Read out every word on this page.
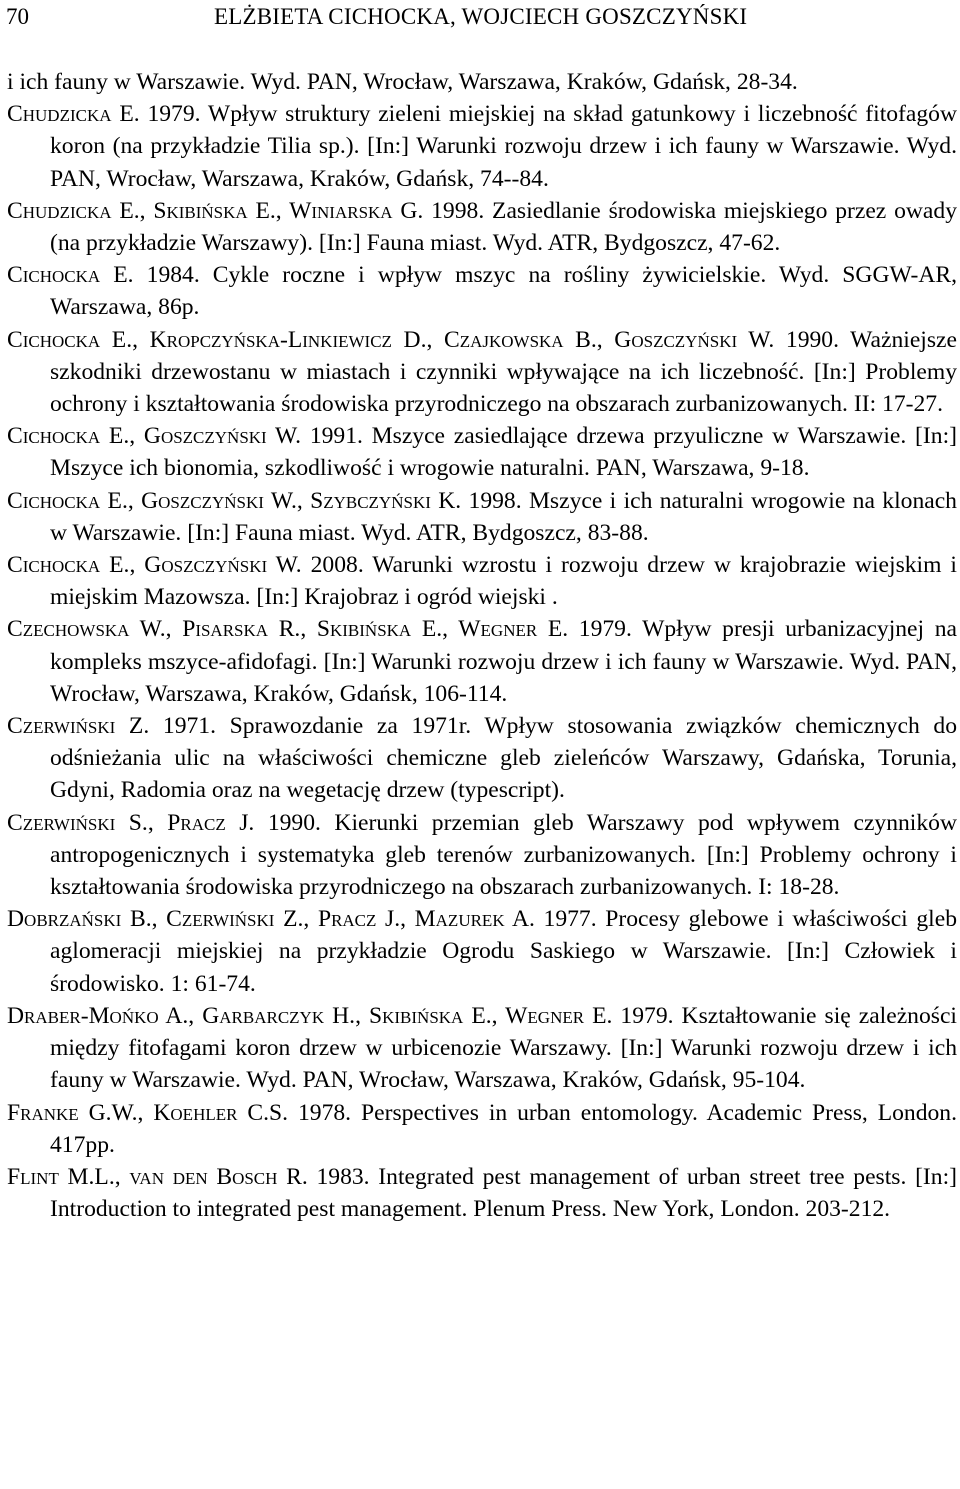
70	ELŻBIETA CICHOCKA, WOJCIECH GOSZCZYŃSKI

i ich fauny w Warszawie. Wyd. PAN, Wrocław, Warszawa, Kraków, Gdańsk, 28-34.

Chudzicka E. 1979. Wpływ struktury zieleni miejskiej na skład gatunkowy i liczebność fitofagów koron (na przykładzie Tilia sp.). [In:] Warunki rozwoju drzew i ich fauny w Warszawie. Wyd. PAN, Wrocław, Warszawa, Kraków, Gdańsk, 74--84.

Chudzicka E., Skibińska E., Winiarska G. 1998. Zasiedlanie środowiska miejskiego przez owady (na przykładzie Warszawy). [In:] Fauna miast. Wyd. ATR, Bydgoszcz, 47-62.

Cichocka E. 1984. Cykle roczne i wpływ mszyc na rośliny żywicielskie. Wyd. SGGW-AR, Warszawa, 86p.

Cichocka E., Kropczyńska-Linkiewicz D., Czajkowska B., Goszczyński W. 1990. Ważniejsze szkodniki drzewostanu w miastach i czynniki wpływające na ich liczebność. [In:] Problemy ochrony i kształtowania środowiska przyrodniczego na obszarach zurbanizowanych. II: 17-27.

Cichocka E., Goszczyński W. 1991. Mszyce zasiedlające drzewa przyuliczne w Warszawie. [In:] Mszyce ich bionomia, szkodliwość i wrogowie naturalni. PAN, Warszawa, 9-18.

Cichocka E., Goszczyński W., Szybczyński K. 1998. Mszyce i ich naturalni wrogowie na klonach w Warszawie. [In:] Fauna miast. Wyd. ATR, Bydgoszcz, 83-88.

Cichocka E., Goszczyński W. 2008. Warunki wzrostu i rozwoju drzew w krajobrazie wiejskim i miejskim Mazowsza. [In:] Krajobraz i ogród wiejski .

Czechowska W., Pisarska R., Skibińska E., Wegner E. 1979. Wpływ presji urbanizacyjnej na kompleks mszyce-afidofagi. [In:] Warunki rozwoju drzew i ich fauny w Warszawie. Wyd. PAN, Wrocław, Warszawa, Kraków, Gdańsk, 106-114.

Czerwiński Z. 1971. Sprawozdanie za 1971r. Wpływ stosowania związków chemicznych do odśnieżania ulic na właściwości chemiczne gleb zieleńców Warszawy, Gdańska, Torunia, Gdyni, Radomia oraz na wegetację drzew (typescript).

Czerwiński S., Pracz J. 1990. Kierunki przemian gleb Warszawy pod wpływem czynników antropogenicznych i systematyka gleb terenów zurbanizowanych. [In:] Problemy ochrony i kształtowania środowiska przyrodniczego na obszarach zurbanizowanych. I: 18-28.

Dobrzański B., Czerwiński Z., Pracz J., Mazurek A. 1977. Procesy glebowe i właściwości gleb aglomeracji miejskiej na przykładzie Ogrodu Saskiego w Warszawie. [In:] Człowiek i środowisko. 1: 61-74.

Draber-Mońko A., Garbarczyk H., Skibińska E., Wegner E. 1979. Kształtowanie się zależności między fitofagami koron drzew w urbicenozie Warszawy. [In:] Warunki rozwoju drzew i ich fauny w Warszawie. Wyd. PAN, Wrocław, Warszawa, Kraków, Gdańsk, 95-104.

Franke G.W., Koehler C.S. 1978. Perspectives in urban entomology. Academic Press, London. 417pp.

Flint M.L., van den Bosch R. 1983. Integrated pest management of urban street tree pests. [In:] Introduction to integrated pest management. Plenum Press. New York, London. 203-212.
